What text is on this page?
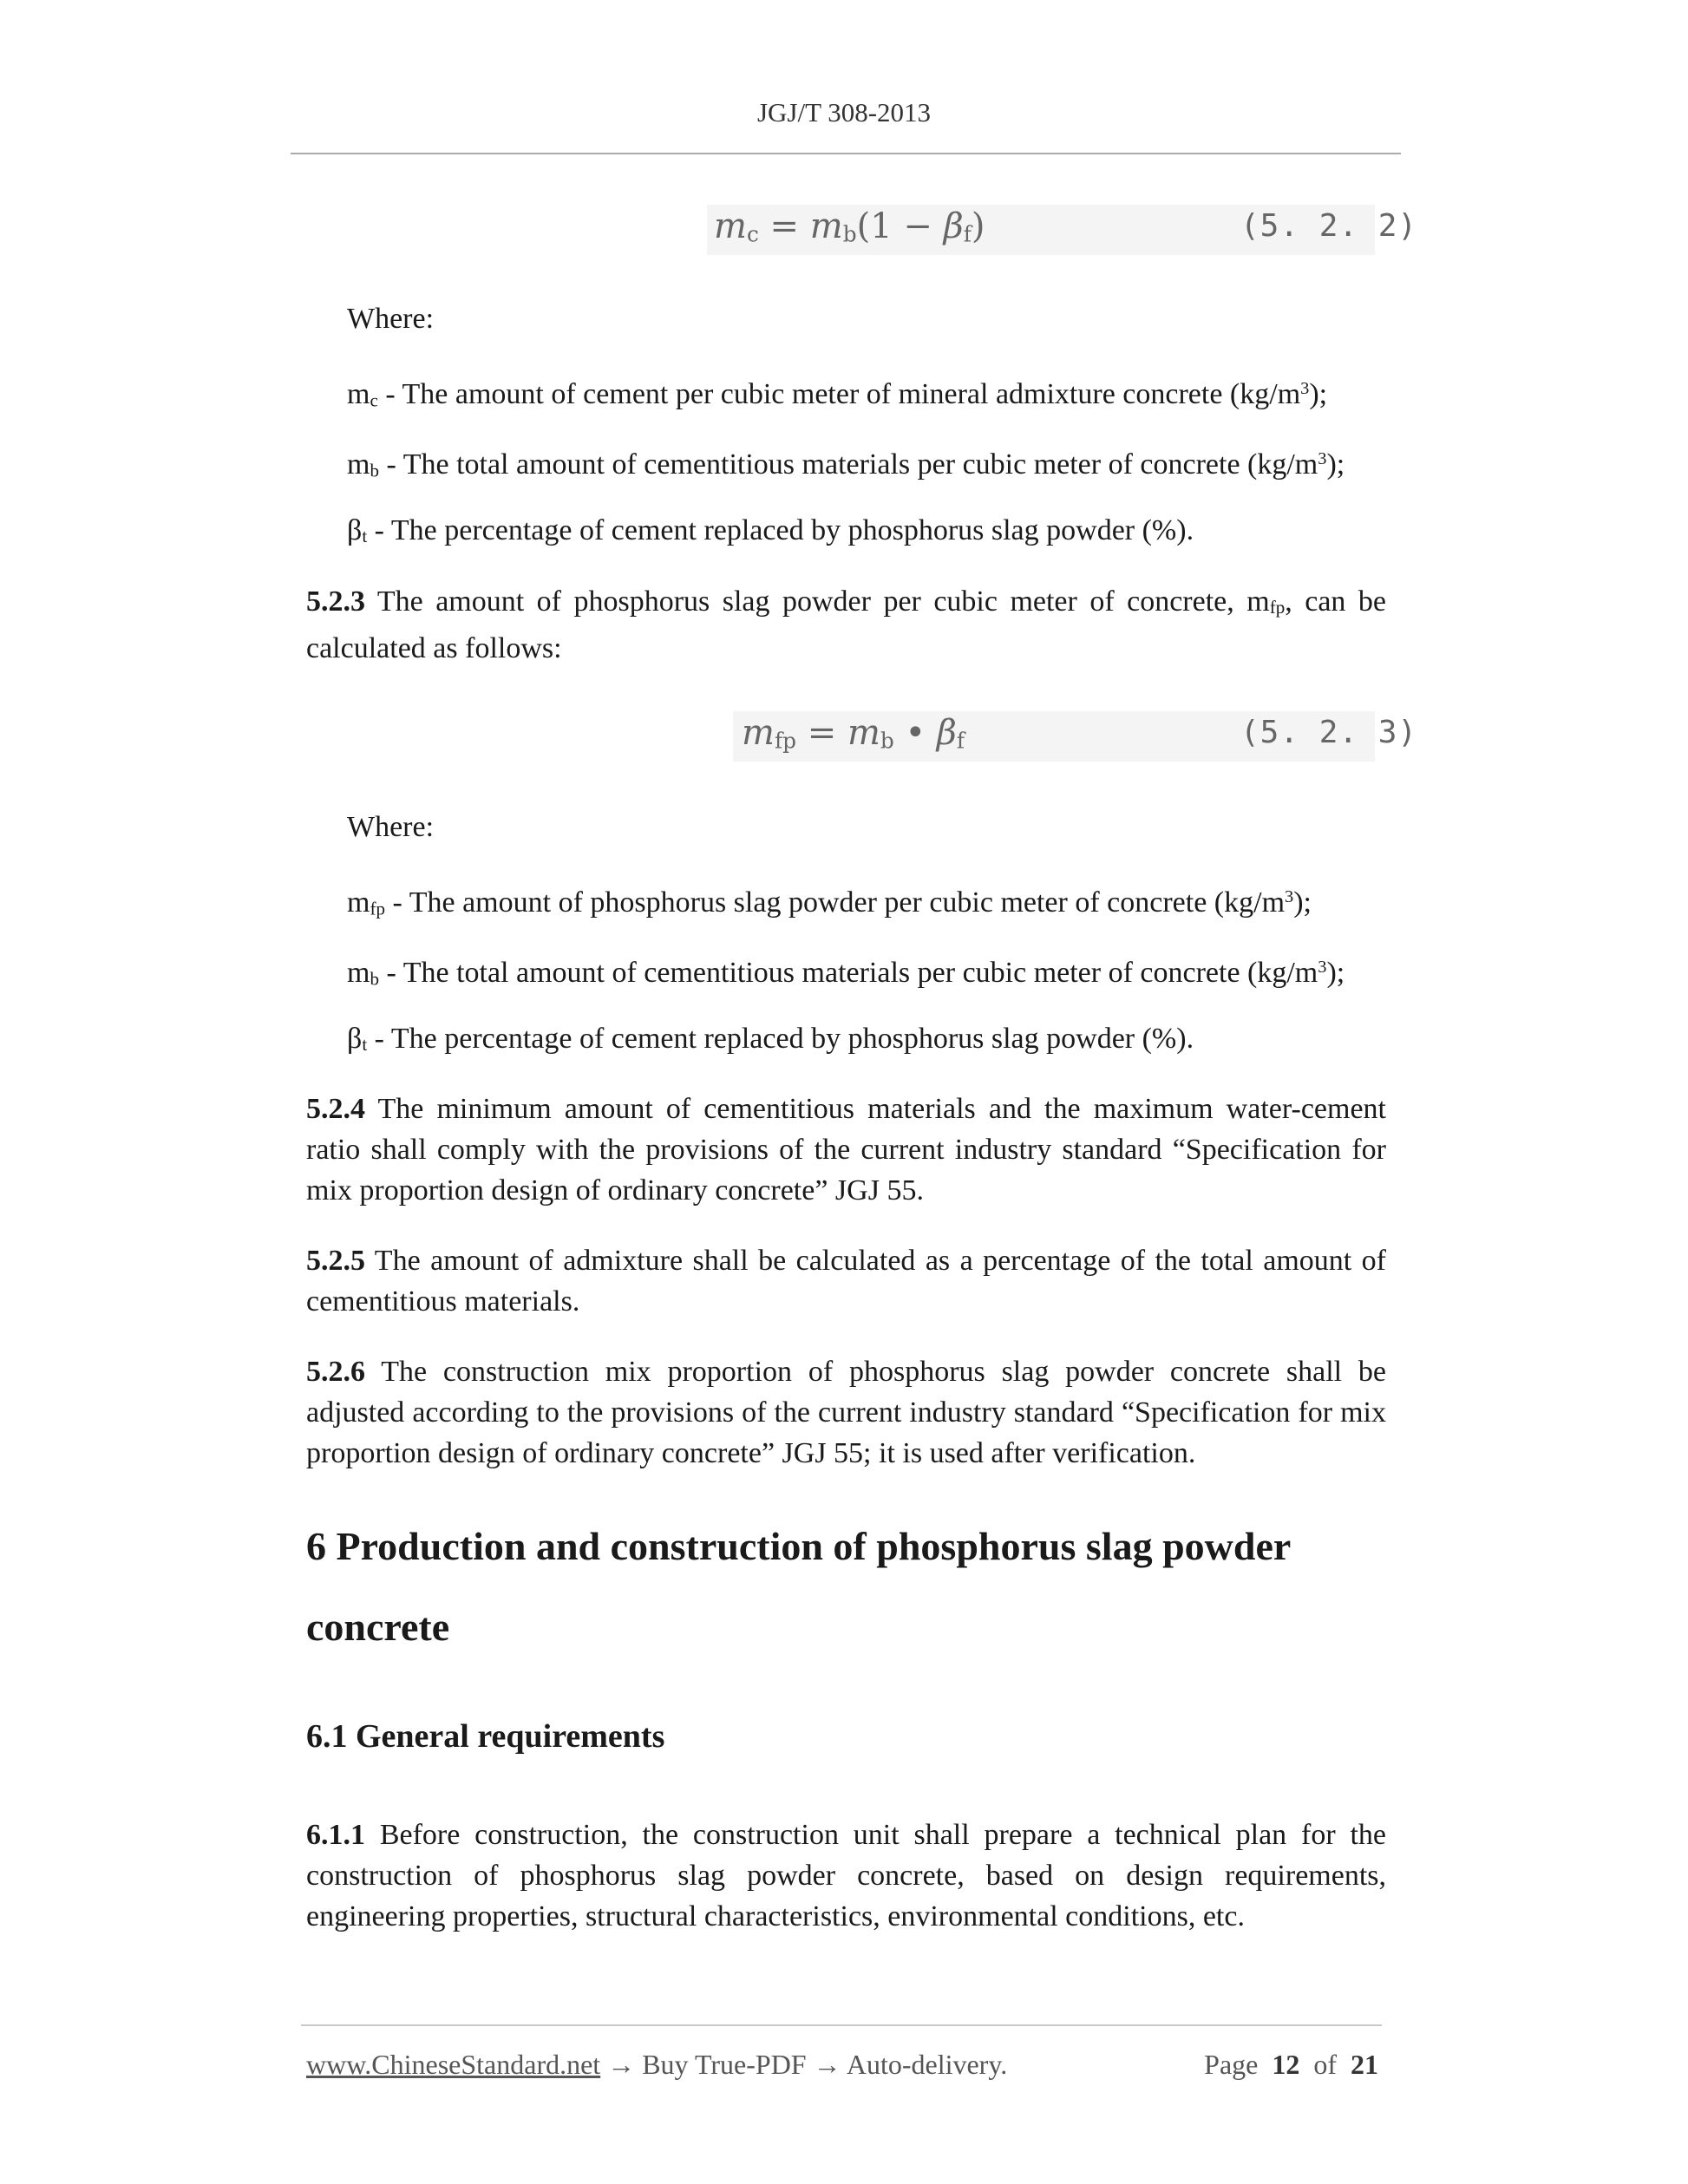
JGJ/T 308-2013
mc = mb(1 − βf)	(5. 2. 2)
Where:
mc - The amount of cement per cubic meter of mineral admixture concrete $(kg/m^3)$;
mb - The total amount of cementitious materials per cubic meter of concrete $(kg/m^3)$;
βt - The percentage of cement replaced by phosphorus slag powder (%).
5.2.3 The amount of phosphorus slag powder per cubic meter of concrete, mfp, can be calculated as follows:
mfp = mb • βf	(5. 2. 3)
Where:
mfp - The amount of phosphorus slag powder per cubic meter of concrete $(kg/m^3)$;
mb - The total amount of cementitious materials per cubic meter of concrete $(kg/m^3)$;
βt - The percentage of cement replaced by phosphorus slag powder (%).
5.2.4 The minimum amount of cementitious materials and the maximum water-cement ratio shall comply with the provisions of the current industry standard “Specification for mix proportion design of ordinary concrete” JGJ 55.
5.2.5 The amount of admixture shall be calculated as a percentage of the total amount of cementitious materials.
5.2.6 The construction mix proportion of phosphorus slag powder concrete shall be adjusted according to the provisions of the current industry standard “Specification for mix proportion design of ordinary concrete” JGJ 55; it is used after verification.
6 Production and construction of phosphorus slag powder concrete
6.1 General requirements
6.1.1 Before construction, the construction unit shall prepare a technical plan for the construction of phosphorus slag powder concrete, based on design requirements, engineering properties, structural characteristics, environmental conditions, etc.
www.ChineseStandard.net → Buy True-PDF → Auto-delivery.	Page 12 of 21
